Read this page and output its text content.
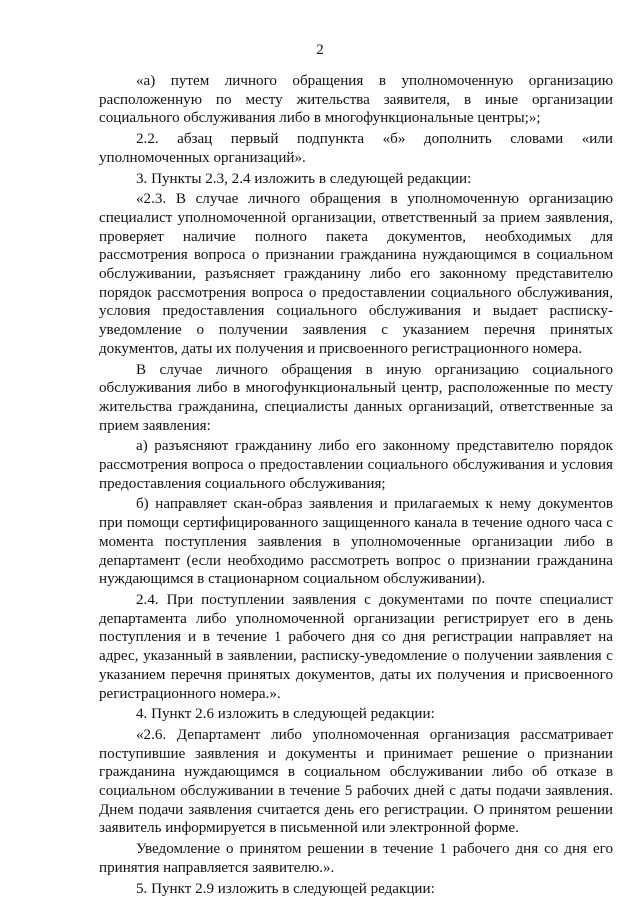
2

«а) путем личного обращения в уполномоченную организацию расположенную по месту жительства заявителя, в иные организации социального обслуживания либо в многофункциональные центры;»;

2.2. абзац первый подпункта «б» дополнить словами «или уполномоченных организаций».

3. Пункты 2.3, 2.4 изложить в следующей редакции:

«2.3. В случае личного обращения в уполномоченную организацию специалист уполномоченной организации, ответственный за прием заявления, проверяет наличие полного пакета документов, необходимых для рассмотрения вопроса о признании гражданина нуждающимся в социальном обслуживании, разъясняет гражданину либо его законному представителю порядок рассмотрения вопроса о предоставлении социального обслуживания, условия предоставления социального обслуживания и выдает расписку-уведомление о получении заявления с указанием перечня принятых документов, даты их получения и присвоенного регистрационного номера.

В случае личного обращения в иную организацию социального обслуживания либо в многофункциональный центр, расположенные по месту жительства гражданина, специалисты данных организаций, ответственные за прием заявления:

а) разъясняют гражданину либо его законному представителю порядок рассмотрения вопроса о предоставлении социального обслуживания и условия предоставления социального обслуживания;

б) направляет скан-образ заявления и прилагаемых к нему документов при помощи сертифицированного защищенного канала в течение одного часа с момента поступления заявления в уполномоченные организации либо в департамент (если необходимо рассмотреть вопрос о признании гражданина нуждающимся в стационарном социальном обслуживании).

2.4. При поступлении заявления с документами по почте специалист департамента либо уполномоченной организации регистрирует его в день поступления и в течение 1 рабочего дня со дня регистрации направляет на адрес, указанный в заявлении, расписку-уведомление о получении заявления с указанием перечня принятых документов, даты их получения и присвоенного регистрационного номера.».

4. Пункт 2.6 изложить в следующей редакции:

«2.6. Департамент либо уполномоченная организация рассматривает поступившие заявления и документы и принимает решение о признании гражданина нуждающимся в социальном обслуживании либо об отказе в социальном обслуживании в течение 5 рабочих дней с даты подачи заявления. Днем подачи заявления считается день его регистрации. О принятом решении заявитель информируется в письменной или электронной форме.

Уведомление о принятом решении в течение 1 рабочего дня со дня его принятия направляется заявителю.».

5. Пункт 2.9 изложить в следующей редакции:
